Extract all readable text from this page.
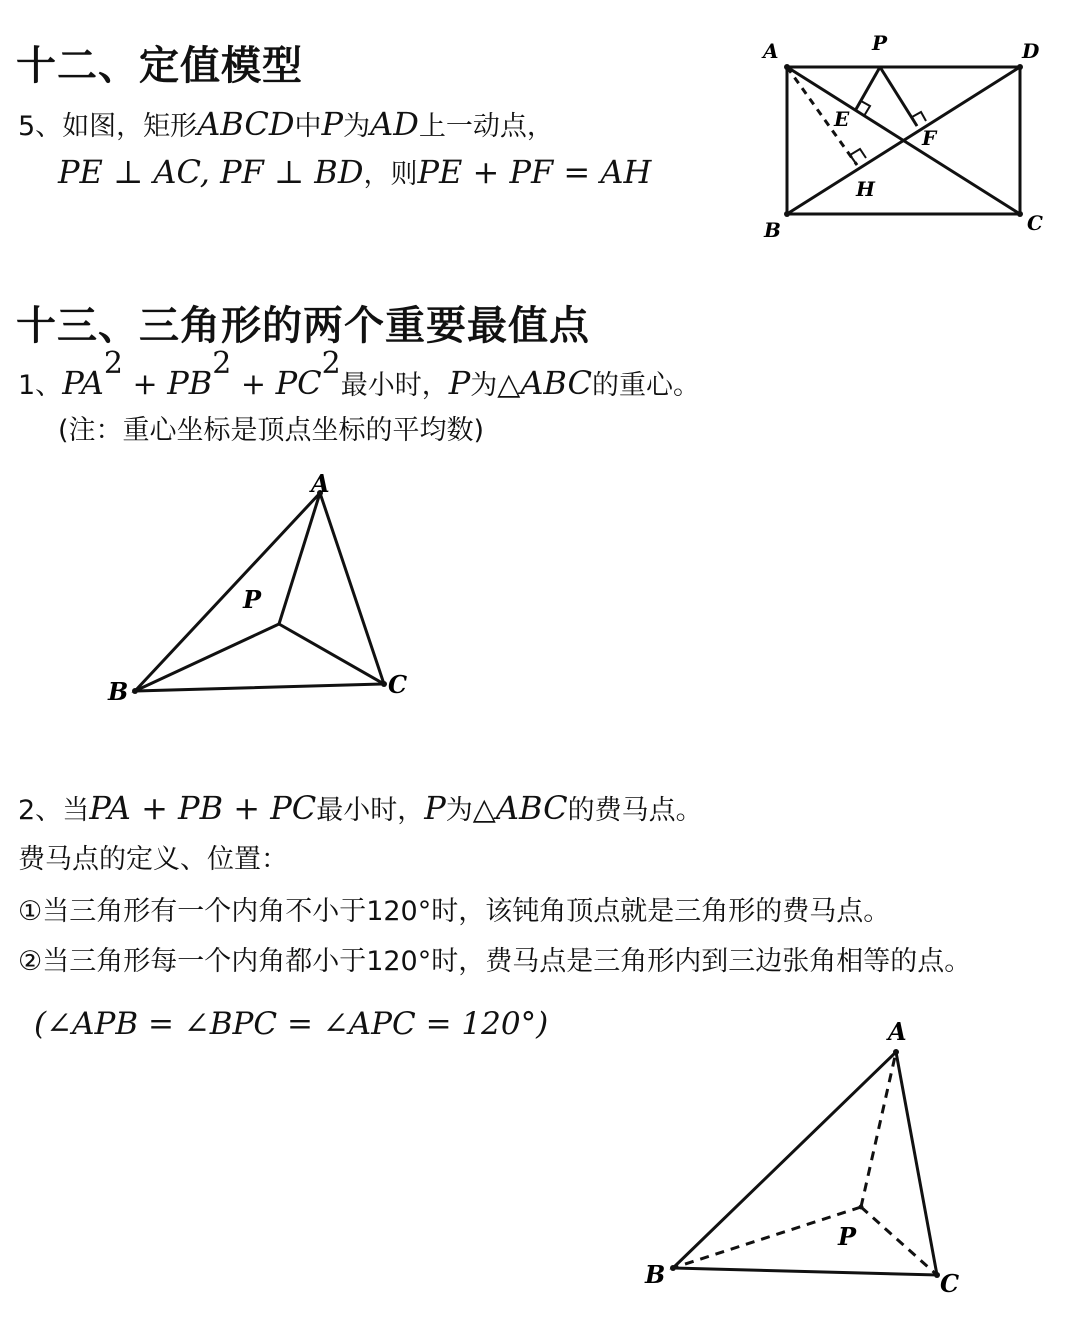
十二、定值模型
5、如图，矩形ABCD中P为AD上一动点，
PE ⊥ AC, PF ⊥ BD，则PE + PF = AH
A	P	D
E
F
H
B	C
十三、三角形的两个重要最值点
1、$PA^2 + PB^2 + PC^2$最小时，P为△ABC的重心。
(注：重心坐标是顶点坐标的平均数)
A
P
B	C
2、当PA + PB + PC最小时，P为△ABC的费马点。
费马点的定义、位置：
①当三角形有一个内角不小于120°时，该钝角顶点就是三角形的费马点。
②当三角形每一个内角都小于120°时，费马点是三角形内到三边张角相等的点。
(∠APB = ∠BPC = ∠APC = 120°)	A
P
B	C
